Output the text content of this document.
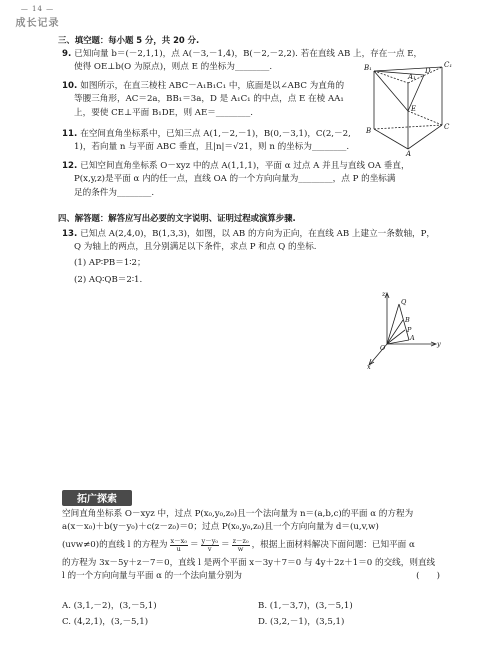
— 14 —
成长记录
三、填空题：每小题 5 分，共 20 分.
9. 已知向量 b＝(－2,1,1)，点 A(－3,－1,4)，B(－2,－2,2). 若在直线 AB 上，存在一点 E，
使得 OE⊥b(O 为原点)，则点 E 的坐标为________.
10. 如图所示，在直三棱柱 ABC－A₁B₁C₁ 中，底面是以∠ABC 为直角的
等腰三角形，AC＝2a，BB₁＝3a，D 是 A₁C₁ 的中点，点 E 在棱 AA₁
上，要使 CE⊥平面 B₁DE，则 AE＝________.
B₁	C₁
A₁
D
E
B	C
A
11. 在空间直角坐标系中，已知三点 A(1,－2,－1)，B(0,－3,1)，C(2,－2,
1)，若向量 n 与平面 ABC 垂直，且|n|＝√21，则 n 的坐标为________.
12. 已知空间直角坐标系 O－xyz 中的点 A(1,1,1)，平面 α 过点 A 并且与直线 OA 垂直，
P(x,y,z)是平面 α 内的任一点，直线 OA 的一个方向向量为________，点 P 的坐标满
足的条件为________.
四、解答题：解答应写出必要的文字说明、证明过程或演算步骤.
13. 已知点 A(2,4,0)，B(1,3,3)，如图，以 AB 的方向为正向，在直线 AB 上建立一条数轴，P，
Q 为轴上的两点，且分别满足以下条件，求点 P 和点 Q 的坐标.
(1) AP∶PB＝1∶2；
(2) AQ∶QB＝2∶1.
z
y
x
O
Q
B
P
A
拓广探索
空间直角坐标系 O－xyz 中，过点 P(x₀,y₀,z₀)且一个法向量为 n＝(a,b,c)的平面 α 的方程为
a(x－x₀)＋b(y－y₀)＋c(z－z₀)＝0；过点 P(x₀,y₀,z₀)且一个方向向量为 d＝(u,v,w)
(uvw≠0)的直线 l 的方程为 $\frac{\text{x－x₀}}{u} = \frac{\text{y－y₀}}{v} = \frac{\text{z－z₀}}{w}$ ，根据上面材料解决下面问题：已知平面 α
的方程为 3x－5y＋z－7＝0，直线 l 是两个平面 x－3y＋7＝0 与 4y＋2z＋1＝0 的交线，则直线
l 的一个方向向量与平面 α 的一个法向量分别为	(　　)
A. (3,1,－2)，(3,－5,1)	B. (1,－3,7)，(3,－5,1)
C. (4,2,1)，(3,－5,1)	D. (3,2,－1)，(3,5,1)
